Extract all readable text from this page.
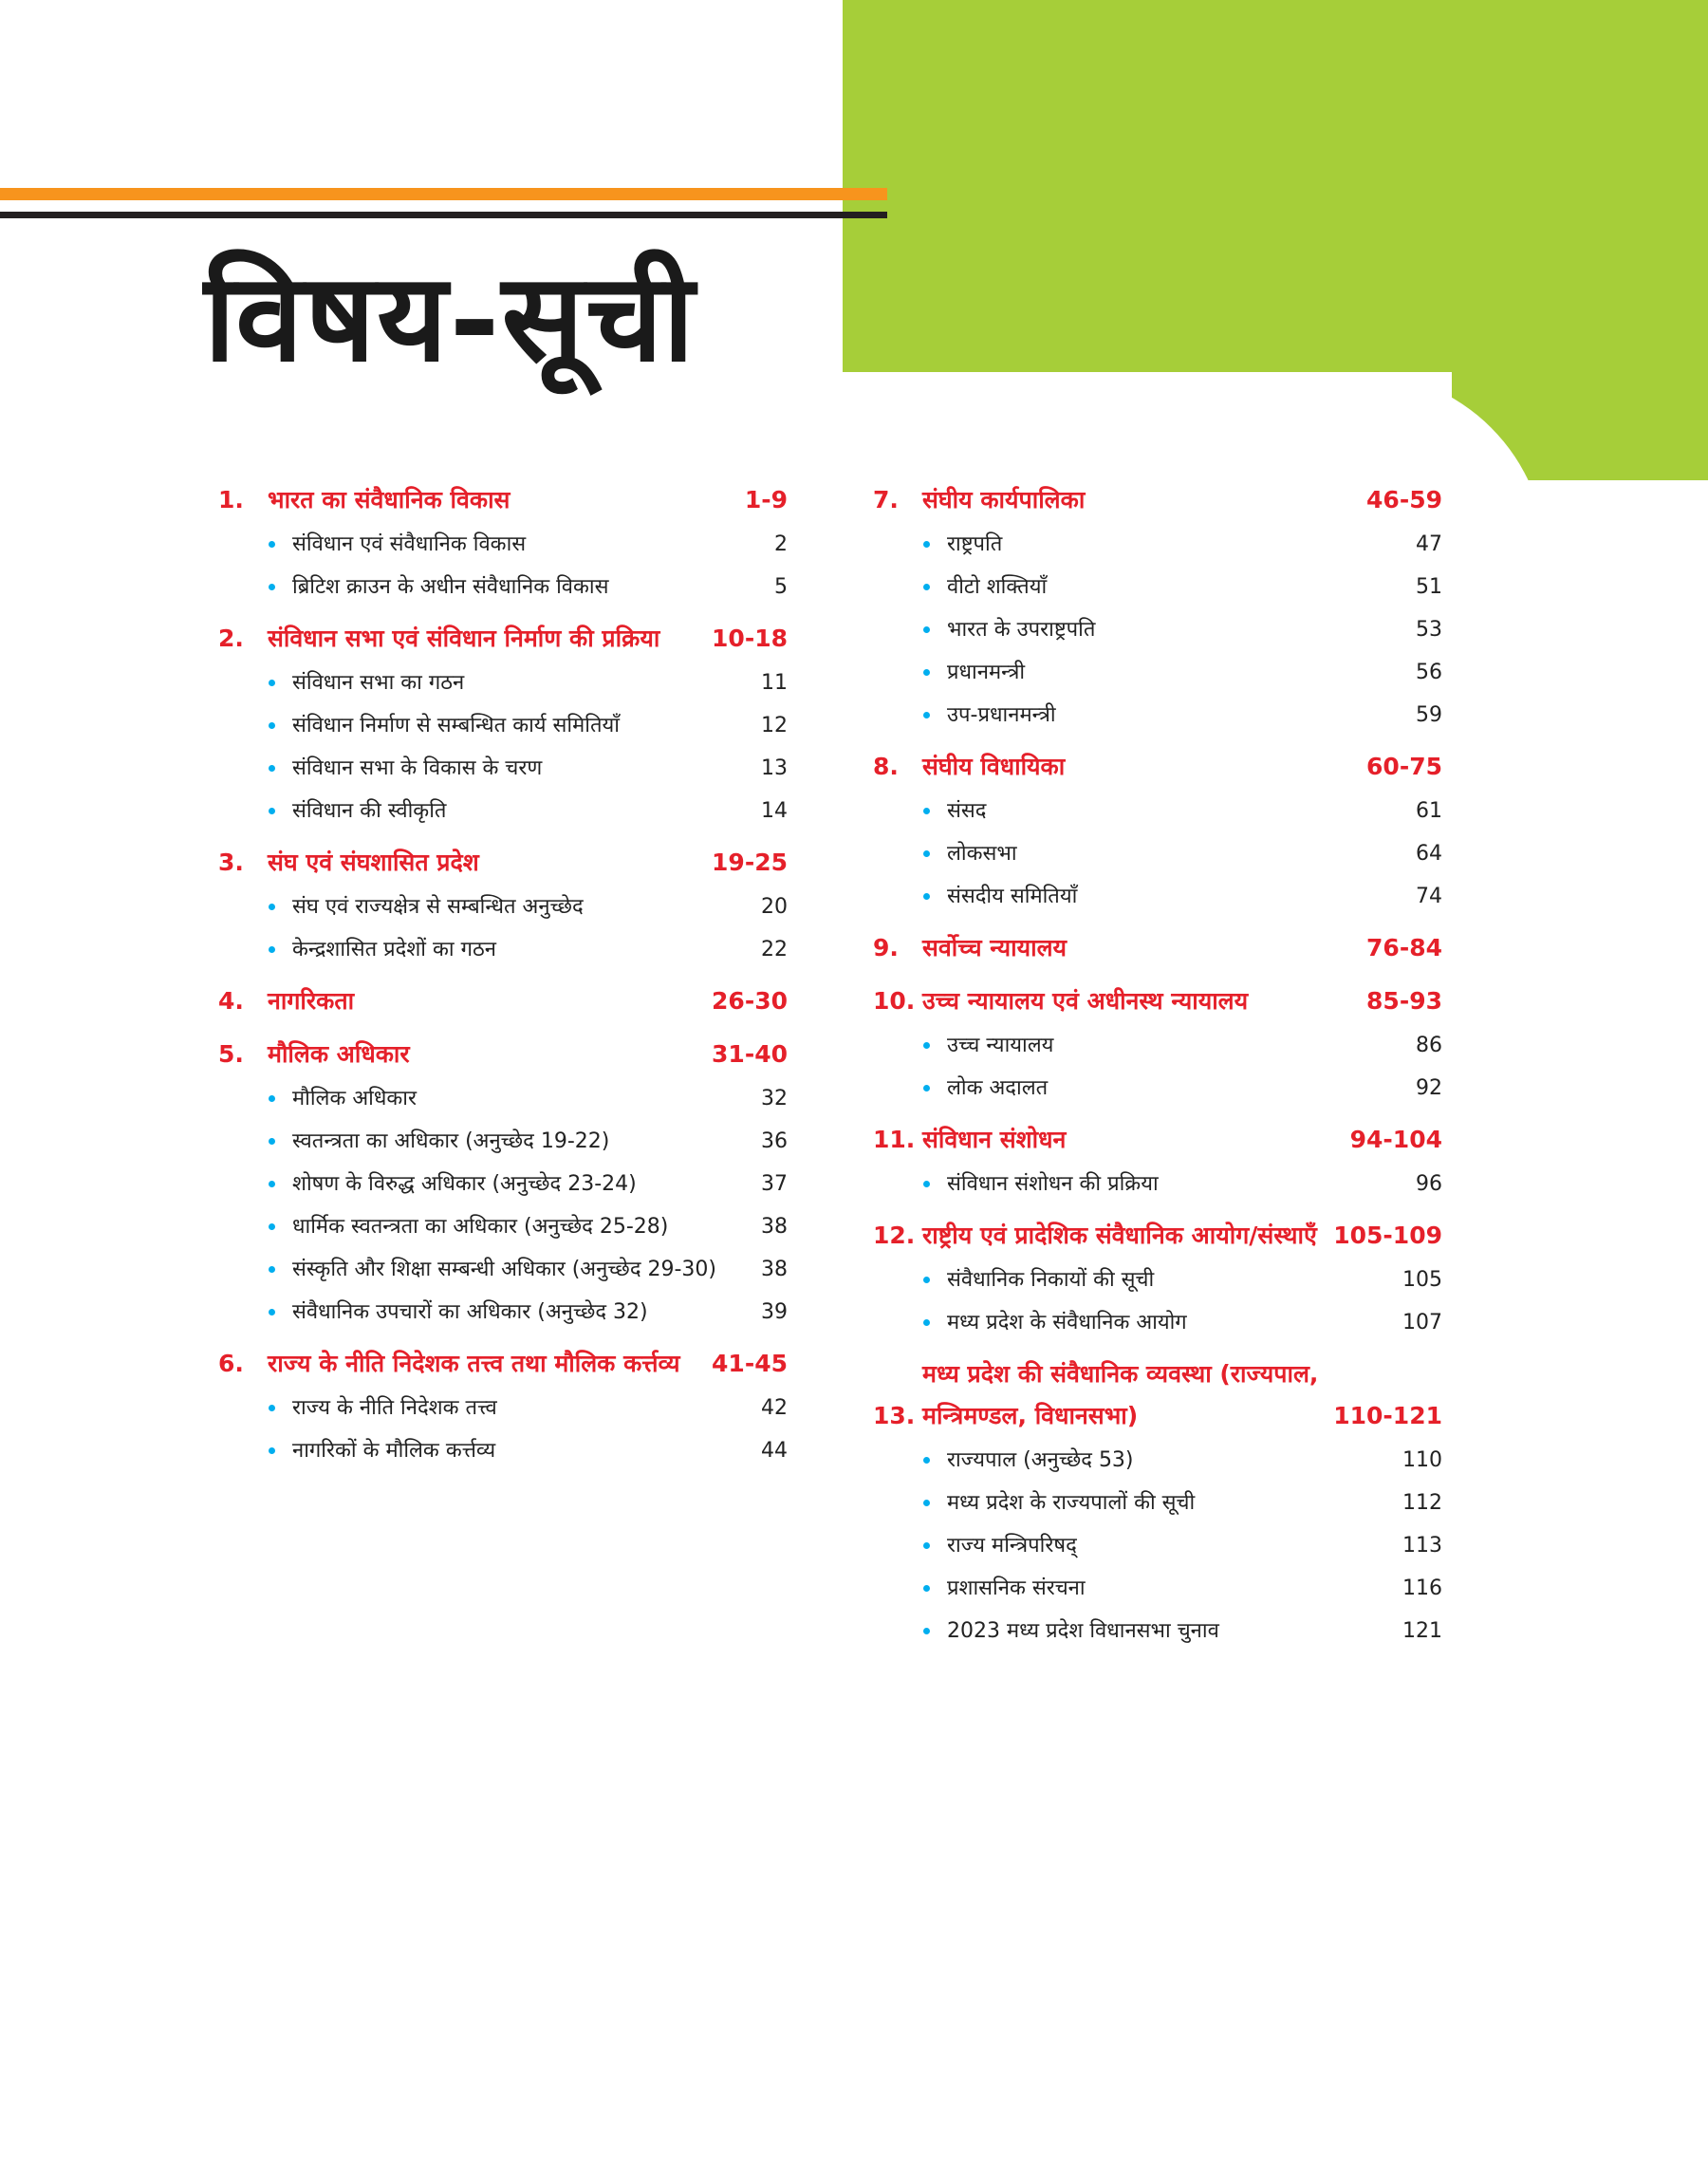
विषय-सूची
1.	भारत का संवैधानिक विकास	1-9
संविधान एवं संवैधानिक विकास	2
ब्रिटिश क्राउन के अधीन संवैधानिक विकास	5
2.	संविधान सभा एवं संविधान निर्माण की प्रक्रिया	10-18
संविधान सभा का गठन	11
संविधान निर्माण से सम्बन्धित कार्य समितियाँ	12
संविधान सभा के विकास के चरण	13
संविधान की स्वीकृति	14
3.	संघ एवं संघशासित प्रदेश	19-25
संघ एवं राज्यक्षेत्र से सम्बन्धित अनुच्छेद	20
केन्द्रशासित प्रदेशों का गठन	22
4.	नागरिकता	26-30
5.	मौलिक अधिकार	31-40
मौलिक अधिकार	32
स्वतन्त्रता का अधिकार (अनुच्छेद 19-22)	36
शोषण के विरुद्ध अधिकार (अनुच्छेद 23-24)	37
धार्मिक स्वतन्त्रता का अधिकार (अनुच्छेद 25-28)	38
संस्कृति और शिक्षा सम्बन्धी अधिकार (अनुच्छेद 29-30)	38
संवैधानिक उपचारों का अधिकार (अनुच्छेद 32)	39
6.	राज्य के नीति निदेशक तत्त्व तथा मौलिक कर्त्तव्य	41-45
राज्य के नीति निदेशक तत्त्व	42
नागरिकों के मौलिक कर्त्तव्य	44
7.	संघीय कार्यपालिका	46-59
राष्ट्रपति	47
वीटो शक्तियाँ	51
भारत के उपराष्ट्रपति	53
प्रधानमन्त्री	56
उप-प्रधानमन्त्री	59
8.	संघीय विधायिका	60-75
संसद	61
लोकसभा	64
संसदीय समितियाँ	74
9.	सर्वोच्च न्यायालय	76-84
10. उच्च न्यायालय एवं अधीनस्थ न्यायालय	85-93
उच्च न्यायालय	86
लोक अदालत	92
11. संविधान संशोधन	94-104
संविधान संशोधन की प्रक्रिया	96
12. राष्ट्रीय एवं प्रादेशिक संवैधानिक आयोग/संस्थाएँ 105-109
संवैधानिक निकायों की सूची	105
मध्य प्रदेश के संवैधानिक आयोग	107
13.
मध्य प्रदेश की संवैधानिक व्यवस्था (राज्यपाल, मन्त्रिमण्डल, विधानसभा)	110-121
राज्यपाल (अनुच्छेद 53)	110
मध्य प्रदेश के राज्यपालों की सूची	112
राज्य मन्त्रिपरिषद्	113
प्रशासनिक संरचना	116
2023 मध्य प्रदेश विधानसभा चुनाव	121
